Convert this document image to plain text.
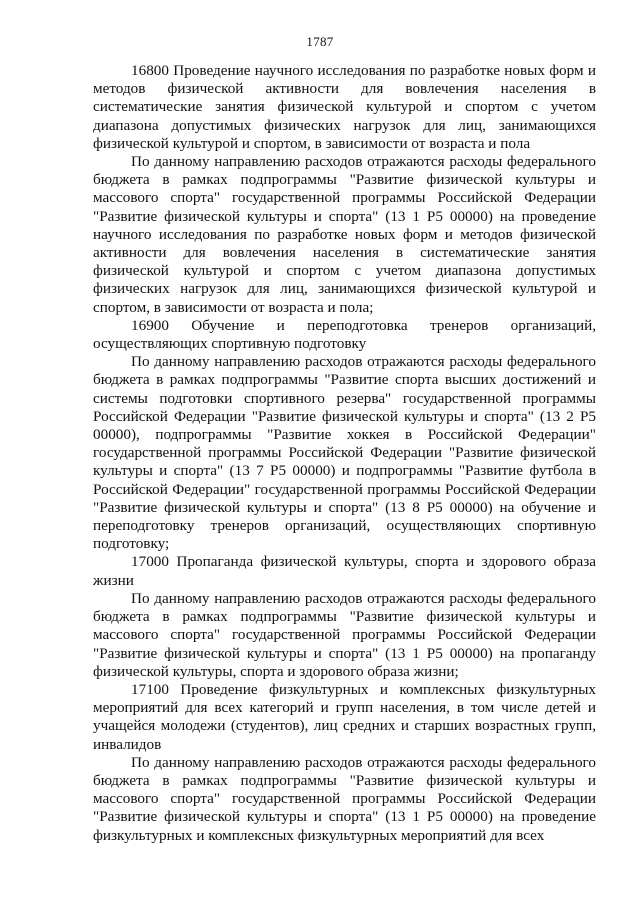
1787

16800 Проведение научного исследования по разработке новых форм и методов физической активности для вовлечения населения в систематические занятия физической культурой и спортом с учетом диапазона допустимых физических нагрузок для лиц, занимающихся физической культурой и спортом, в зависимости от возраста и пола

По данному направлению расходов отражаются расходы федерального бюджета в рамках подпрограммы "Развитие физической культуры и массового спорта" государственной программы Российской Федерации "Развитие физической культуры и спорта" (13 1 Р5 00000) на проведение научного исследования по разработке новых форм и методов физической активности для вовлечения населения в систематические занятия физической культурой и спортом с учетом диапазона допустимых физических нагрузок для лиц, занимающихся физической культурой и спортом, в зависимости от возраста и пола;

16900 Обучение и переподготовка тренеров организаций, осуществляющих спортивную подготовку

По данному направлению расходов отражаются расходы федерального бюджета в рамках подпрограммы "Развитие спорта высших достижений и системы подготовки спортивного резерва" государственной программы Российской Федерации "Развитие физической культуры и спорта" (13 2 Р5 00000), подпрограммы "Развитие хоккея в Российской Федерации" государственной программы Российской Федерации "Развитие физической культуры и спорта" (13 7 Р5 00000) и подпрограммы "Развитие футбола в Российской Федерации" государственной программы Российской Федерации "Развитие физической культуры и спорта" (13 8 Р5 00000) на обучение и переподготовку тренеров организаций, осуществляющих спортивную подготовку;

17000 Пропаганда физической культуры, спорта и здорового образа жизни

По данному направлению расходов отражаются расходы федерального бюджета в рамках подпрограммы "Развитие физической культуры и массового спорта" государственной программы Российской Федерации "Развитие физической культуры и спорта" (13 1 Р5 00000) на пропаганду физической культуры, спорта и здорового образа жизни;

17100 Проведение физкультурных и комплексных физкультурных мероприятий для всех категорий и групп населения, в том числе детей и учащейся молодежи (студентов), лиц средних и старших возрастных групп, инвалидов

По данному направлению расходов отражаются расходы федерального бюджета в рамках подпрограммы "Развитие физической культуры и массового спорта" государственной программы Российской Федерации "Развитие физической культуры и спорта" (13 1 Р5 00000) на проведение физкультурных и комплексных физкультурных мероприятий для всех
